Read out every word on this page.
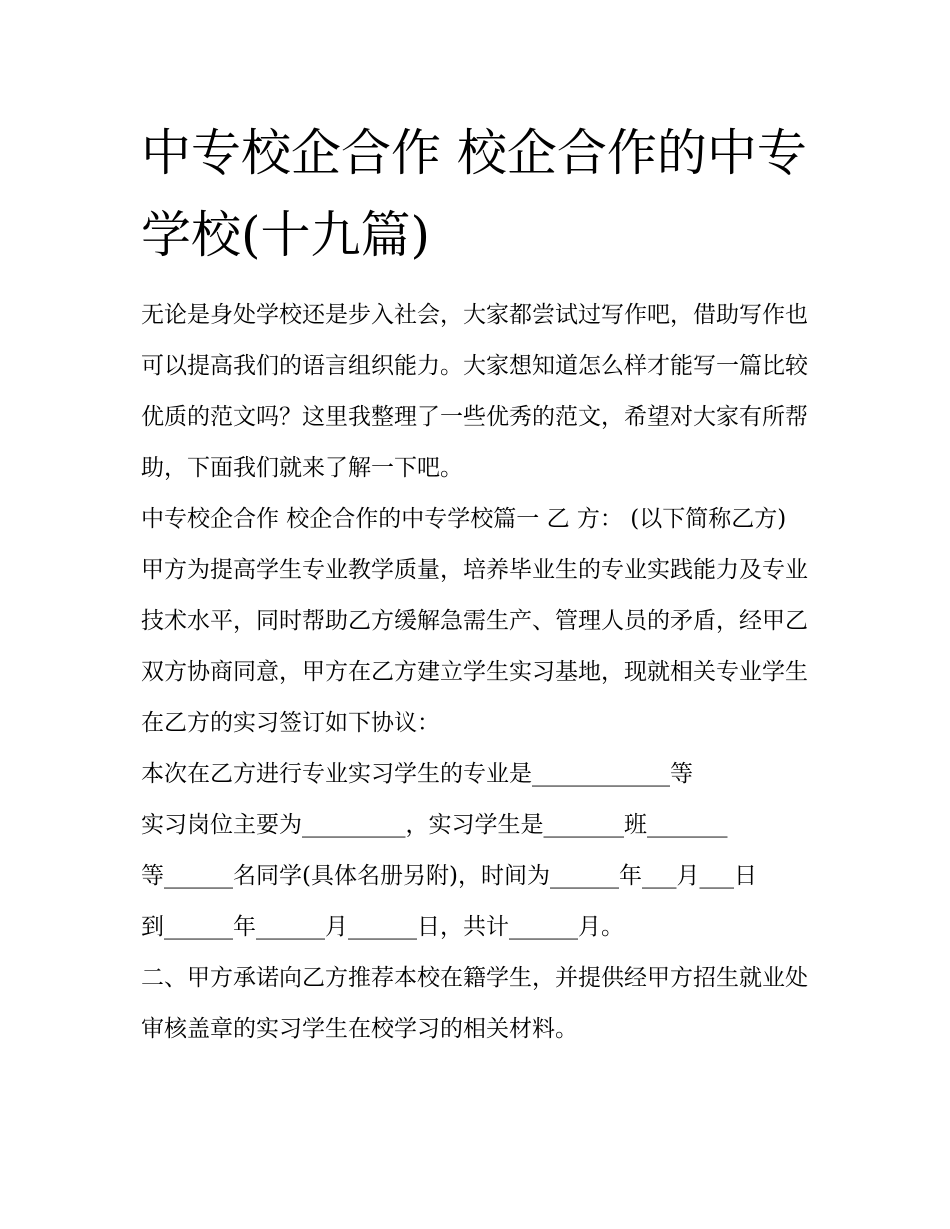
中专校企合作 校企合作的中专学校(十九篇)

无论是身处学校还是步入社会，大家都尝试过写作吧，借助写作也可以提高我们的语言组织能力。大家想知道怎么样才能写一篇比较优质的范文吗？这里我整理了一些优秀的范文，希望对大家有所帮助，下面我们就来了解一下吧。

中专校企合作 校企合作的中专学校篇一 乙 方： (以下简称乙方)

甲方为提高学生专业教学质量，培养毕业生的专业实践能力及专业技术水平，同时帮助乙方缓解急需生产、管理人员的矛盾，经甲乙双方协商同意，甲方在乙方建立学生实习基地，现就相关专业学生在乙方的实习签订如下协议：

本次在乙方进行专业实习学生的专业是____________等

实习岗位主要为_________，实习学生是_______班_______

等______名同学(具体名册另附)，时间为______年___月___日

到______年______月______日，共计______月。

二、甲方承诺向乙方推荐本校在籍学生，并提供经甲方招生就业处审核盖章的实习学生在校学习的相关材料。
